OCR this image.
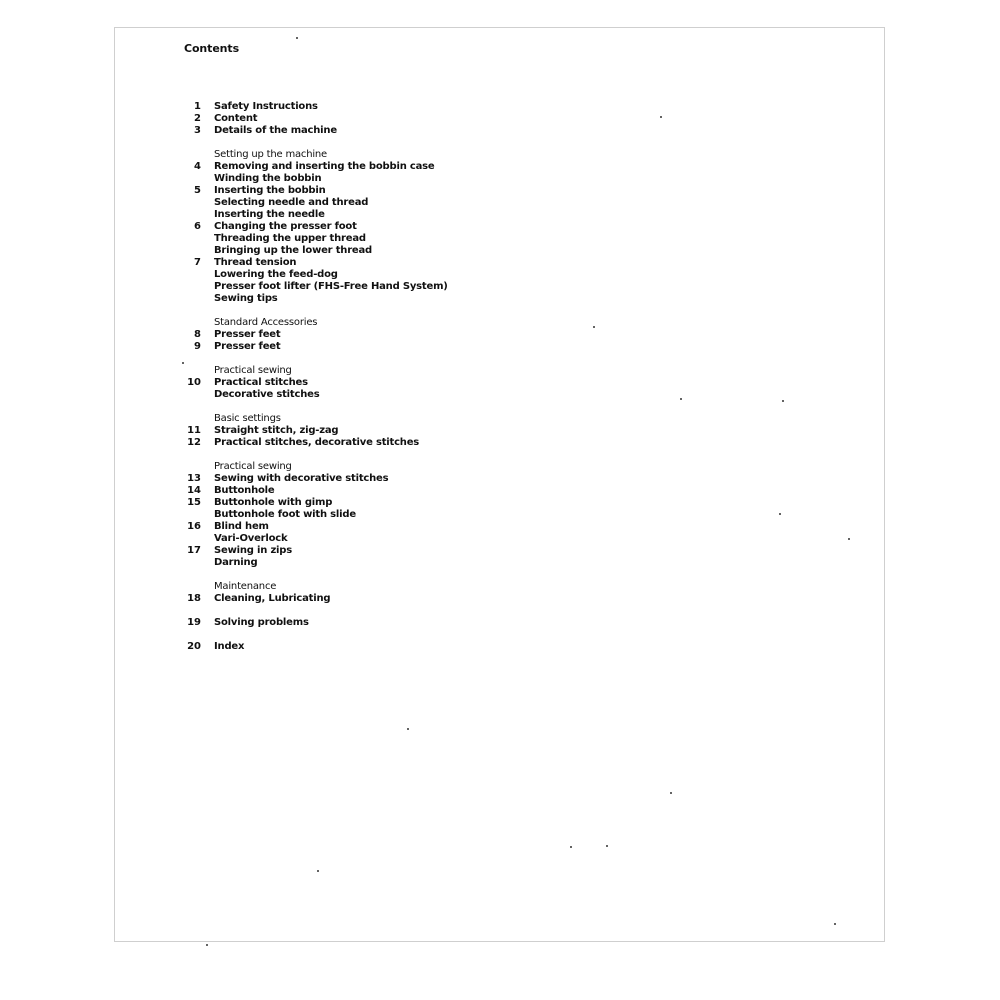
Contents
1 Safety Instructions
2 Content
3 Details of the machine
Setting up the machine
4 Removing and inserting the bobbin case
Winding the bobbin
5 Inserting the bobbin
Selecting needle and thread
Inserting the needle
6 Changing the presser foot
Threading the upper thread
Bringing up the lower thread
7 Thread tension
Lowering the feed-dog
Presser foot lifter (FHS-Free Hand System)
Sewing tips
Standard Accessories
8 Presser feet
9 Presser feet
Practical sewing
10 Practical stitches
Decorative stitches
Basic settings
11 Straight stitch, zig-zag
12 Practical stitches, decorative stitches
Practical sewing
13 Sewing with decorative stitches
14 Buttonhole
15 Buttonhole with gimp
Buttonhole foot with slide
16 Blind hem
Vari-Overlock
17 Sewing in zips
Darning
Maintenance
18 Cleaning, Lubricating
19 Solving problems
20 Index
